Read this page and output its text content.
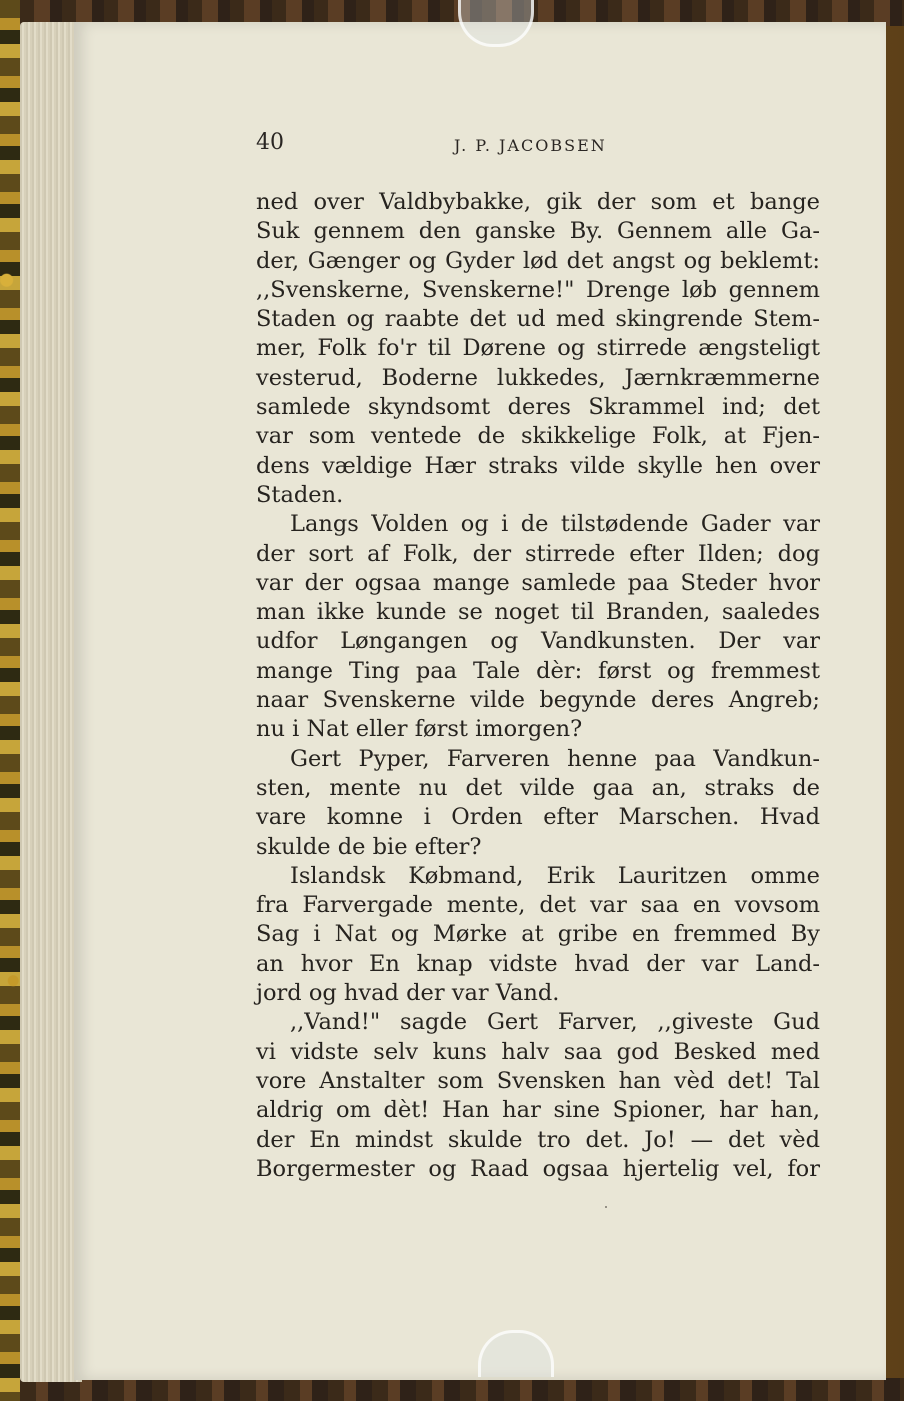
40	J. P. JACOBSEN
ned over Valdbybakke, gik der som et bange
Suk gennem den ganske By. Gennem alle Ga-
der, Gænger og Gyder lød det angst og beklemt:
,,Svenskerne, Svenskerne!" Drenge løb gennem
Staden og raabte det ud med skingrende Stem-
mer, Folk fo'r til Dørene og stirrede ængsteligt
vesterud, Boderne lukkedes, Jærnkræmmerne
samlede skyndsomt deres Skrammel ind; det
var som ventede de skikkelige Folk, at Fjen-
dens vældige Hær straks vilde skylle hen over
Staden.
Langs Volden og i de tilstødende Gader var
der sort af Folk, der stirrede efter Ilden; dog
var der ogsaa mange samlede paa Steder hvor
man ikke kunde se noget til Branden, saaledes
udfor Løngangen og Vandkunsten. Der var
mange Ting paa Tale dèr: først og fremmest
naar Svenskerne vilde begynde deres Angreb;
nu i Nat eller først imorgen?
Gert Pyper, Farveren henne paa Vandkun-
sten, mente nu det vilde gaa an, straks de
vare komne i Orden efter Marschen. Hvad
skulde de bie efter?
Islandsk Købmand, Erik Lauritzen omme
fra Farvergade mente, det var saa en vovsom
Sag i Nat og Mørke at gribe en fremmed By
an hvor En knap vidste hvad der var Land-
jord og hvad der var Vand.
,,Vand!" sagde Gert Farver, ,,giveste Gud
vi vidste selv kuns halv saa god Besked med
vore Anstalter som Svensken han vèd det! Tal
aldrig om dèt! Han har sine Spioner, har han,
der En mindst skulde tro det. Jo! — det vèd
Borgermester og Raad ogsaa hjertelig vel, for
